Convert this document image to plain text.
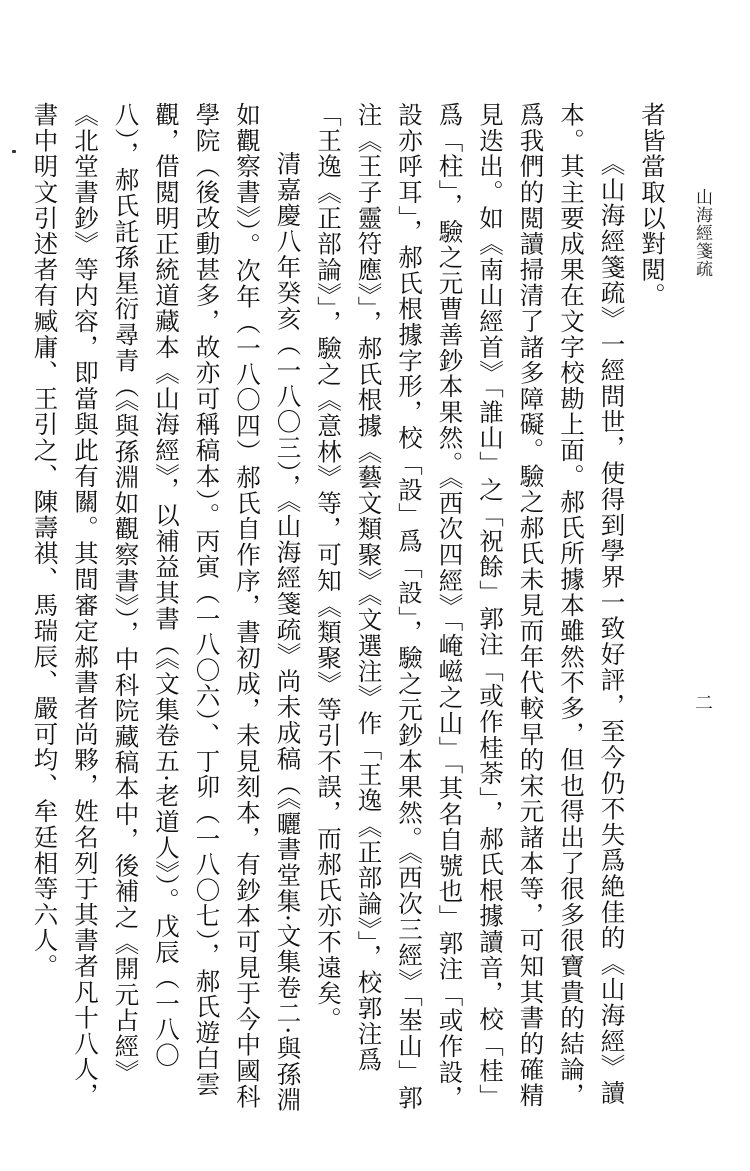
山海經箋疏
二

者皆當取以對閲。

《山海經箋疏》一經問世，使得到學界一致好評，至今仍不失爲絶佳的《山海經》讀本。其主要成果在文字校勘上面。郝氏所據本雖然不多，但也得出了很多很寶貴的結論，爲我們的閲讀掃清了諸多障礙。驗之郝氏未見而年代較早的宋元諸本等，可知其書的確精見迭出。如《南山經首》「誰山」之「祝餘」郭注「或作桂荼」，郝氏根據讀音，校「桂」爲「柱」，驗之元曹善鈔本果然。《西次四經》「崦嵫之山」「其名自號也」郭注「或作設，設亦呼耳」，郝氏根據字形，校「設」爲「設」，驗之元鈔本果然。《西次三經》「峚山」郭注《王子靈符應》」，郝氏根據《藝文類聚》《文選注》作「王逸《正部論》」，校郭注爲「王逸《正部論》」，驗之《意林》等，可知《類聚》等引不誤，而郝氏亦不遠矣。

清嘉慶八年癸亥（一八〇三），《山海經箋疏》尚未成稿（《曬書堂集·文集卷二·與孫淵如觀察書》）。次年（一八〇四）郝氏自作序，書初成，未見刻本，有鈔本可見于今中國科學院（後改動甚多，故亦可稱稿本）。丙寅（一八〇六）、丁卯（一八〇七），郝氏遊白雲觀，借閲明正統道藏本《山海經》，以補益其書（《文集卷五·老道人》）。戊辰（一八〇八），郝氏託孫星衍尋青（《與孫淵如觀察書》），中科院藏稿本中，後補之《開元占經》《北堂書鈔》等内容，即當與此有關。其間審定郝書者尚夥，姓名列于其書者凡十八人，書中明文引述者有臧庸、王引之、陳壽祺、馬瑞辰、嚴可均、牟廷相等六人。
